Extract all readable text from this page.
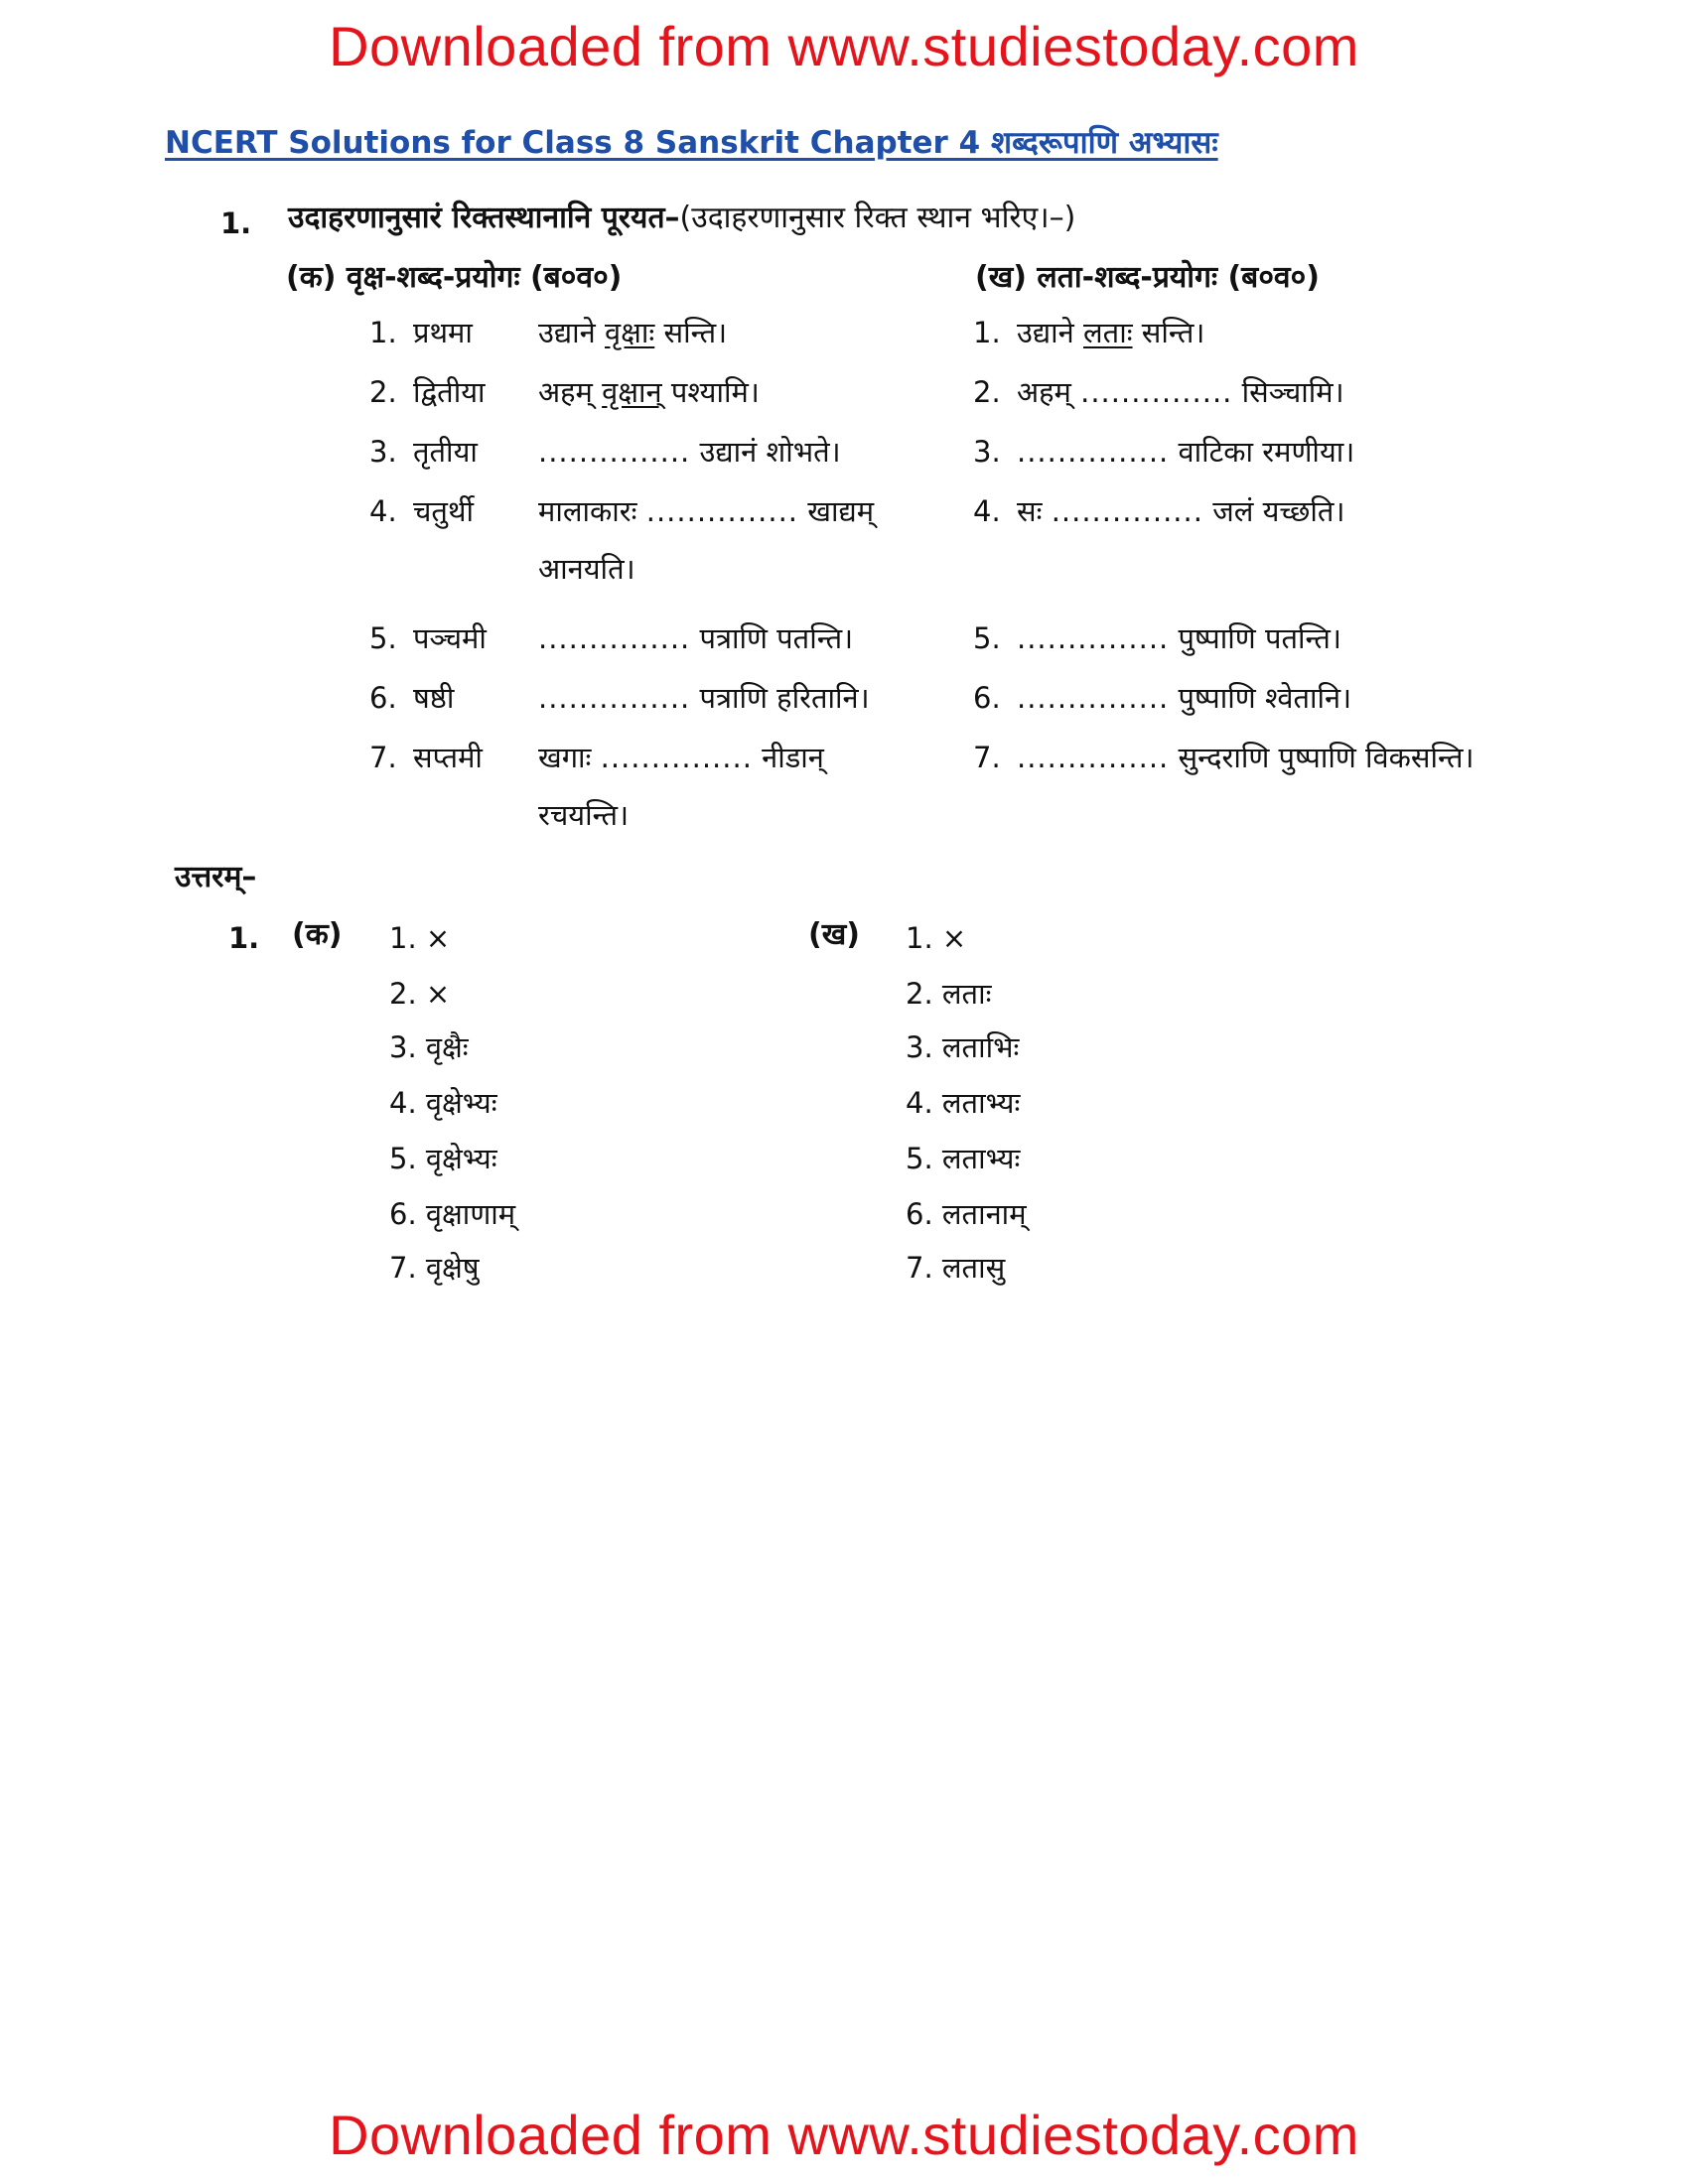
Downloaded from www.studiestoday.com
NCERT Solutions for Class 8 Sanskrit Chapter 4 शब्दरूपाणि अभ्यासः
1. उदाहरणानुसारं रिक्तस्थानानि पूरयत–(उदाहरणानुसार रिक्त स्थान भरिए।–)
(क) वृक्ष-शब्द-प्रयोगः (ब०व०)	(ख) लता-शब्द-प्रयोगः (ब०व०)
1. प्रथमा उद्याने वृक्षाः सन्ति।
2. द्वितीया अहम् वृक्षान् पश्यामि।
3. तृतीया ............... उद्यानं शोभते।
4. चतुर्थी मालाकारः ............... खाद्यम्
आनयति।
5. पञ्चमी ............... पत्राणि पतन्ति।
6. षष्ठी	............... पत्राणि हरितानि।
7. सप्तमी खगाः ............... नीडान्
रचयन्ति।
1. उद्याने लताः सन्ति।
2. अहम् ............... सिञ्चामि।
3. ............... वाटिका रमणीया।
4. सः ............... जलं यच्छति।
5. ............... पुष्पाणि पतन्ति।
6. ............... पुष्पाणि श्वेतानि।
7. ............... सुन्दराणि पुष्पाणि विकसन्ति।
उत्तरम्–
1. (क)	(ख)
1. ×
2. ×
3. वृक्षैः
4. वृक्षेभ्यः
5. वृक्षेभ्यः
6. वृक्षाणाम्
7. वृक्षेषु
1. ×
2. लताः
3. लताभिः
4. लताभ्यः
5. लताभ्यः
6. लतानाम्
7. लतासु
Downloaded from www.studiestoday.com
